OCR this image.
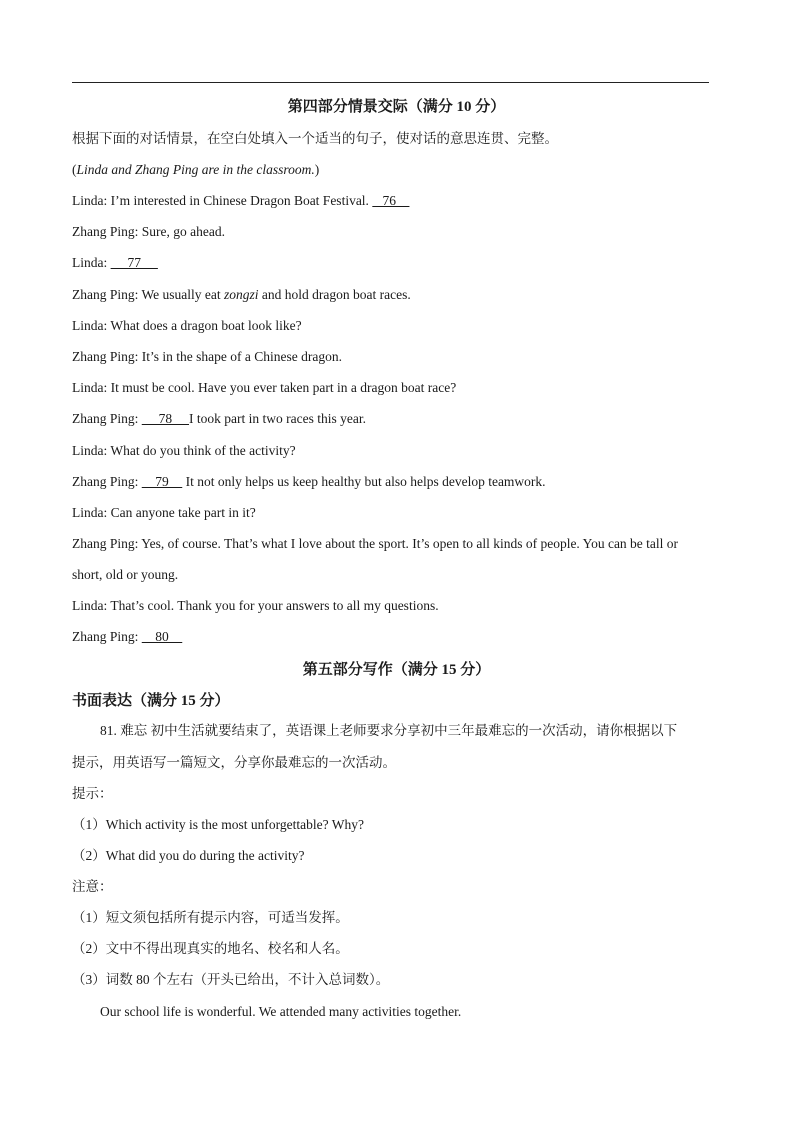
第四部分情景交际（满分 10 分）
根据下面的对话情景，在空白处填入一个适当的句子，使对话的意思连贯、完整。
(Linda and Zhang Ping are in the classroom.)
Linda: I’m interested in Chinese Dragon Boat Festival.    76
Zhang Ping: Sure, go ahead.
Linda:      77
Zhang Ping: We usually eat zongzi and hold dragon boat races.
Linda: What does a dragon boat look like?
Zhang Ping: It’s in the shape of a Chinese dragon.
Linda: It must be cool. Have you ever taken part in a dragon boat race?
Zhang Ping:      78     I took part in two races this year.
Linda: What do you think of the activity?
Zhang Ping:     79     It not only helps us keep healthy but also helps develop teamwork.
Linda: Can anyone take part in it?
Zhang Ping: Yes, of course. That’s what I love about the sport. It’s open to all kinds of people. You can be tall or
short, old or young.
Linda: That’s cool. Thank you for your answers to all my questions.
Zhang Ping:     80
第五部分写作（满分 15 分）
书面表达（满分 15 分）
81. 难忘 初中生活就要结束了，英语课上老师要求分享初中三年最难忘的一次活动，请你根据以下
提示，用英语写一篇短文，分享你最难忘的一次活动。
提示：
（1）Which activity is the most unforgettable? Why?
（2）What did you do during the activity?
注意：
（1）短文须包括所有提示内容，可适当发挥。
（2）文中不得出现真实的地名、校名和人名。
（3）词数 80 个左右（开头已给出，不计入总词数）。
Our school life is wonderful. We attended many activities together.
